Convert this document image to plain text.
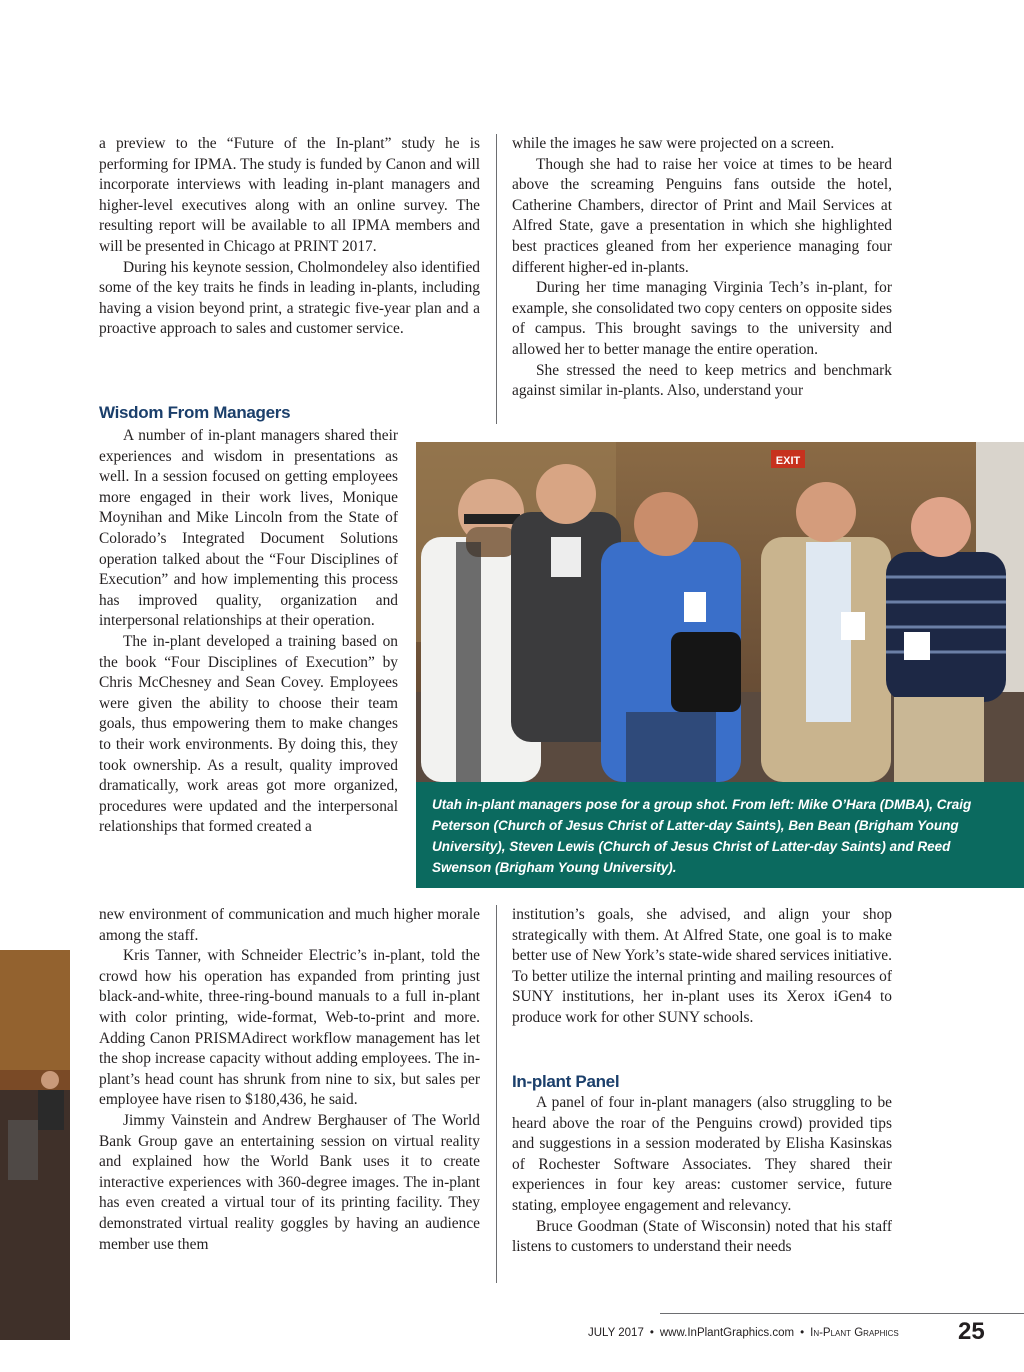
a preview to the “Future of the In-plant” study he is performing for IPMA. The study is funded by Canon and will incorporate interviews with leading in-plant managers and higher-level executives along with an online survey. The resulting report will be available to all IPMA members and will be presented in Chicago at PRINT 2017.

During his keynote session, Cholmondeley also identified some of the key traits he finds in leading in-plants, including having a vision beyond print, a strategic five-year plan and a proactive approach to sales and customer service.

Wisdom From Managers

A number of in-plant managers shared their experiences and wisdom in presentations as well. In a session focused on getting employees more engaged in their work lives, Monique Moynihan and Mike Lincoln from the State of Colorado’s Integrated Document Solutions operation talked about the “Four Disciplines of Execution” and how implementing this process has improved quality, organization and interpersonal relationships at their operation.

The in-plant developed a training based on the book “Four Disciplines of Execution” by Chris McChesney and Sean Covey. Employees were given the ability to choose their team goals, thus empowering them to make changes to their work environments. By doing this, they took ownership. As a result, quality improved dramatically, work areas got more organized, procedures were updated and the interpersonal relationships that formed created a

new environment of communication and much higher morale among the staff.

Kris Tanner, with Schneider Electric’s in-plant, told the crowd how his operation has expanded from printing just black-and-white, three-ring-bound manuals to a full in-plant with color printing, wide-format, Web-to-print and more. Adding Canon PRISMAdirect workflow management has let the shop increase capacity without adding employees. The in-plant’s head count has shrunk from nine to six, but sales per employee have risen to $180,436, he said.

Jimmy Vainstein and Andrew Berghauser of The World Bank Group gave an entertaining session on virtual reality and explained how the World Bank uses it to create interactive experiences with 360-degree images. The in-plant has even created a virtual tour of its printing facility. They demonstrated virtual reality goggles by having an audience member use them

while the images he saw were projected on a screen.

Though she had to raise her voice at times to be heard above the screaming Penguins fans outside the hotel, Catherine Chambers, director of Print and Mail Services at Alfred State, gave a presentation in which she highlighted best practices gleaned from her experience managing four different higher-ed in-plants.

During her time managing Virginia Tech’s in-plant, for example, she consolidated two copy centers on opposite sides of campus. This brought savings to the university and allowed her to better manage the entire operation.

She stressed the need to keep metrics and benchmark against similar in-plants. Also, understand your

institution’s goals, she advised, and align your shop strategically with them. At Alfred State, one goal is to make better use of New York’s state-wide shared services initiative. To better utilize the internal printing and mailing resources of SUNY institutions, her in-plant uses its Xerox iGen4 to produce work for other SUNY schools.

In-plant Panel

A panel of four in-plant managers (also struggling to be heard above the roar of the Penguins crowd) provided tips and suggestions in a session moderated by Elisha Kasinskas of Rochester Software Associates. They shared their experiences in four key areas: customer service, future stating, employee engagement and relevancy.

Bruce Goodman (State of Wisconsin) noted that his staff listens to customers to understand their needs

EXIT

Utah in-plant managers pose for a group shot. From left: Mike O’Hara (DMBA), Craig Peterson (Church of Jesus Christ of Latter-day Saints), Ben Bean (Brigham Young University), Steven Lewis (Church of Jesus Christ of Latter-day Saints) and Reed Swenson (Brigham Young University).

JULY 2017 • www.InPlantGraphics.com • In-Plant Graphics 25
